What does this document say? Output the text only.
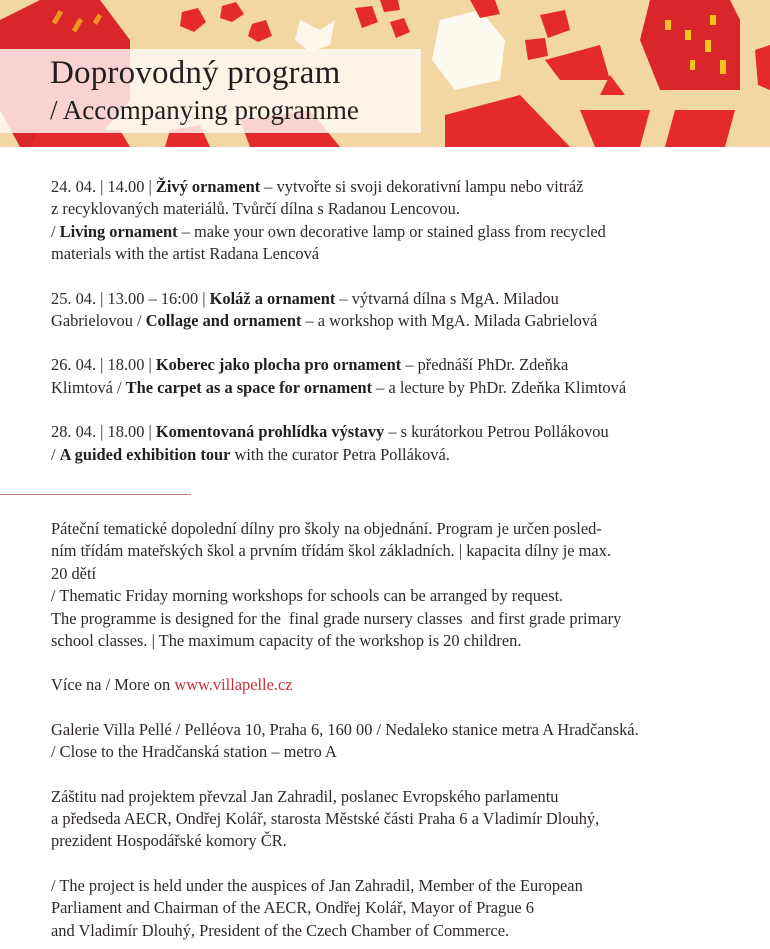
Doprovodný program
/ Accompanying programme

24. 04. | 14.00 | Živý ornament – vytvořte si svoji dekorativní lampu nebo vitráž

z recyklovaných materiálů. Tvůrčí dílna s Radanou Lencovou.

/ Living ornament – make your own decorative lamp or stained glass from recycled

materials with the artist Radana Lencová

25. 04. | 13.00 – 16:00 | Koláž a ornament – výtvarná dílna s MgA. Miladou

Gabrielovou / Collage and ornament – a workshop with MgA. Milada Gabrielová

26. 04. | 18.00 | Koberec jako plocha pro ornament – přednáší PhDr. Zdeňka

Klimtová / The carpet as a space for ornament – a lecture by PhDr. Zdeňka Klimtová

28. 04. | 18.00 | Komentovaná prohlídka výstavy – s kurátorkou Petrou Pollákovou

/ A guided exhibition tour with the curator Petra Polláková.

Páteční tematické dopolední dílny pro školy na objednání. Program je určen posled-

ním třídám mateřských škol a prvním třídám škol základních. | kapacita dílny je max.

20 dětí

/ Thematic Friday morning workshops for schools can be arranged by request.

The programme is designed for the  final grade nursery classes  and first grade primary

school classes. | The maximum capacity of the workshop is 20 children.

Více na / More on www.villapelle.cz

Galerie Villa Pellé / Pelléova 10, Praha 6, 160 00 / Nedaleko stanice metra A Hradčanská.

/ Close to the Hradčanská station – metro A

Záštitu nad projektem převzal Jan Zahradil, poslanec Evropského parlamentu

a předseda AECR, Ondřej Kolář, starosta Městské části Praha 6 a Vladimír Dlouhý,

prezident Hospodářské komory ČR.

/ The project is held under the auspices of Jan Zahradil, Member of the European

Parliament and Chairman of the AECR, Ondřej Kolář, Mayor of Prague 6

and Vladimír Dlouhý, President of the Czech Chamber of Commerce.
